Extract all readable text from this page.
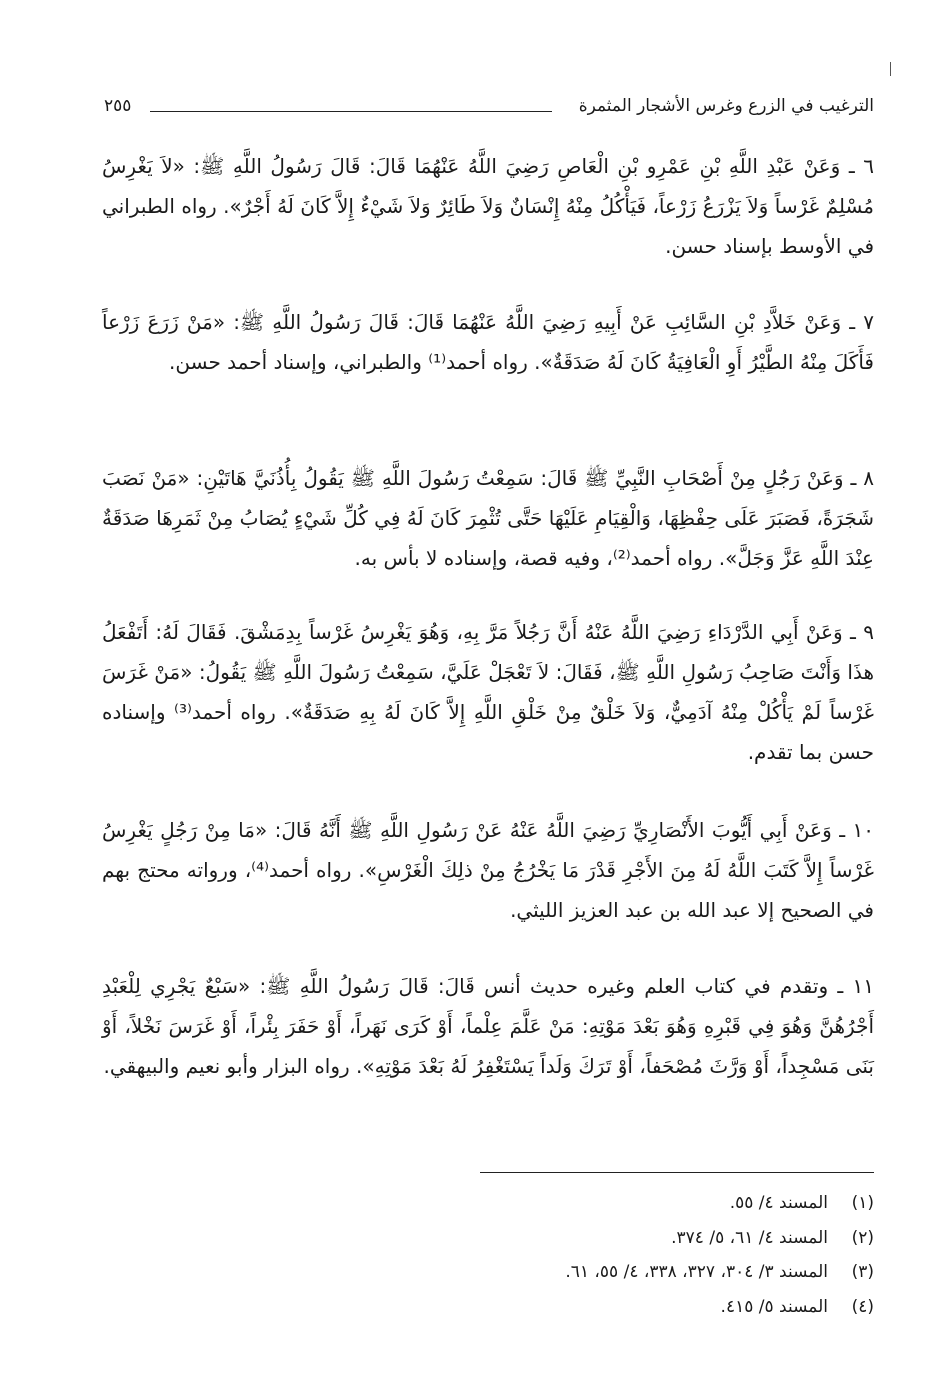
الترغيب في الزرع وغرس الأشجار المثمرة
٢٥٥

٦ ـ وَعَنْ عَبْدِ اللَّهِ بْنِ عَمْرِو بْنِ الْعَاصِ رَضِيَ اللَّهُ عَنْهُمَا قَالَ: قَالَ رَسُولُ اللَّهِ ﷺ: «لاَ يَغْرِسُ مُسْلِمٌ غَرْساً وَلاَ يَزْرَعُ زَرْعاً، فَيَأْكُلُ مِنْهُ إِنْسَانٌ وَلاَ طَائِرٌ وَلاَ شَيْءٌ إِلاَّ كَانَ لَهُ أَجْرٌ». رواه الطبراني في الأوسط بإسناد حسن.

٧ ـ وَعَنْ خَلاَّدِ بْنِ السَّائِبِ عَنْ أَبِيهِ رَضِيَ اللَّهُ عَنْهُمَا قَالَ: قَالَ رَسُولُ اللَّهِ ﷺ: «مَنْ زَرَعَ زَرْعاً فَأَكَلَ مِنْهُ الطَّيْرُ أَوِ الْعَافِيَةُ كَانَ لَهُ صَدَقَةٌ». رواه أحمد⁽¹⁾ والطبراني، وإسناد أحمد حسن.

٨ ـ وَعَنْ رَجُلٍ مِنْ أَصْحَابِ النَّبِيِّ ﷺ قَالَ: سَمِعْتُ رَسُولَ اللَّهِ ﷺ يَقُولُ بِأُذُنَيَّ هَاتَيْنِ: «مَنْ نَصَبَ شَجَرَةً، فَصَبَرَ عَلَى حِفْظِهَا، وَالْقِيَامِ عَلَيْهَا حَتَّى تُثْمِرَ كَانَ لَهُ فِي كُلِّ شَيْءٍ يُصَابُ مِنْ ثَمَرِهَا صَدَقَةٌ عِنْدَ اللَّهِ عَزَّ وَجَلَّ». رواه أحمد⁽²⁾، وفيه قصة، وإسناده لا بأس به.

٩ ـ وَعَنْ أَبِي الدَّرْدَاءِ رَضِيَ اللَّهُ عَنْهُ أَنَّ رَجُلاً مَرَّ بِهِ، وَهُوَ يَغْرِسُ غَرْساً بِدِمَشْقَ. فَقَالَ لَهُ: أَتَفْعَلُ هذَا وَأَنْتَ صَاحِبُ رَسُولِ اللَّهِ ﷺ، فَقَالَ: لاَ تَعْجَلْ عَلَيَّ، سَمِعْتُ رَسُولَ اللَّهِ ﷺ يَقُولُ: «مَنْ غَرَسَ غَرْساً لَمْ يَأْكُلْ مِنْهُ آدَمِيٌّ، وَلاَ خَلْقٌ مِنْ خَلْقِ اللَّهِ إِلاَّ كَانَ لَهُ بِهِ صَدَقَةٌ». رواه أحمد⁽³⁾ وإسناده حسن بما تقدم.

١٠ ـ وَعَنْ أَبِي أَيُّوبَ الأَنْصَارِيِّ رَضِيَ اللَّهُ عَنْهُ عَنْ رَسُولِ اللَّهِ ﷺ أَنَّهُ قَالَ: «مَا مِنْ رَجُلٍ يَغْرِسُ غَرْساً إِلاَّ كَتَبَ اللَّهُ لَهُ مِنَ الأَجْرِ قَدْرَ مَا يَخْرُجُ مِنْ ذلِكَ الْغَرْسِ». رواه أحمد⁽⁴⁾، ورواته محتج بهم في الصحيح إلا عبد الله بن عبد العزيز الليثي.

١١ ـ وتقدم في كتاب العلم وغيره حديث أنس قَالَ: قَالَ رَسُولُ اللَّهِ ﷺ: «سَبْعٌ يَجْرِي لِلْعَبْدِ أَجْرُهُنَّ وَهُوَ فِي قَبْرِهِ وَهُوَ بَعْدَ مَوْتِهِ: مَنْ عَلَّمَ عِلْماً، أَوْ كَرَى نَهَراً، أَوْ حَفَرَ بِئْراً، أَوْ غَرَسَ نَخْلاً، أَوْ بَنَى مَسْجِداً، أَوْ وَرَّثَ مُصْحَفاً، أَوْ تَرَكَ وَلَداً يَسْتَغْفِرُ لَهُ بَعْدَ مَوْتِهِ». رواه البزار وأبو نعيم والبيهقي.

(١)
المسند ٤/ ٥٥.
(٢)
المسند ٤/ ٦١، ٥/ ٣٧٤.
(٣)
المسند ٣/ ٣٠٤، ٣٢٧، ٣٣٨، ٤/ ٥٥، ٦١.
(٤)
المسند ٥/ ٤١٥.
